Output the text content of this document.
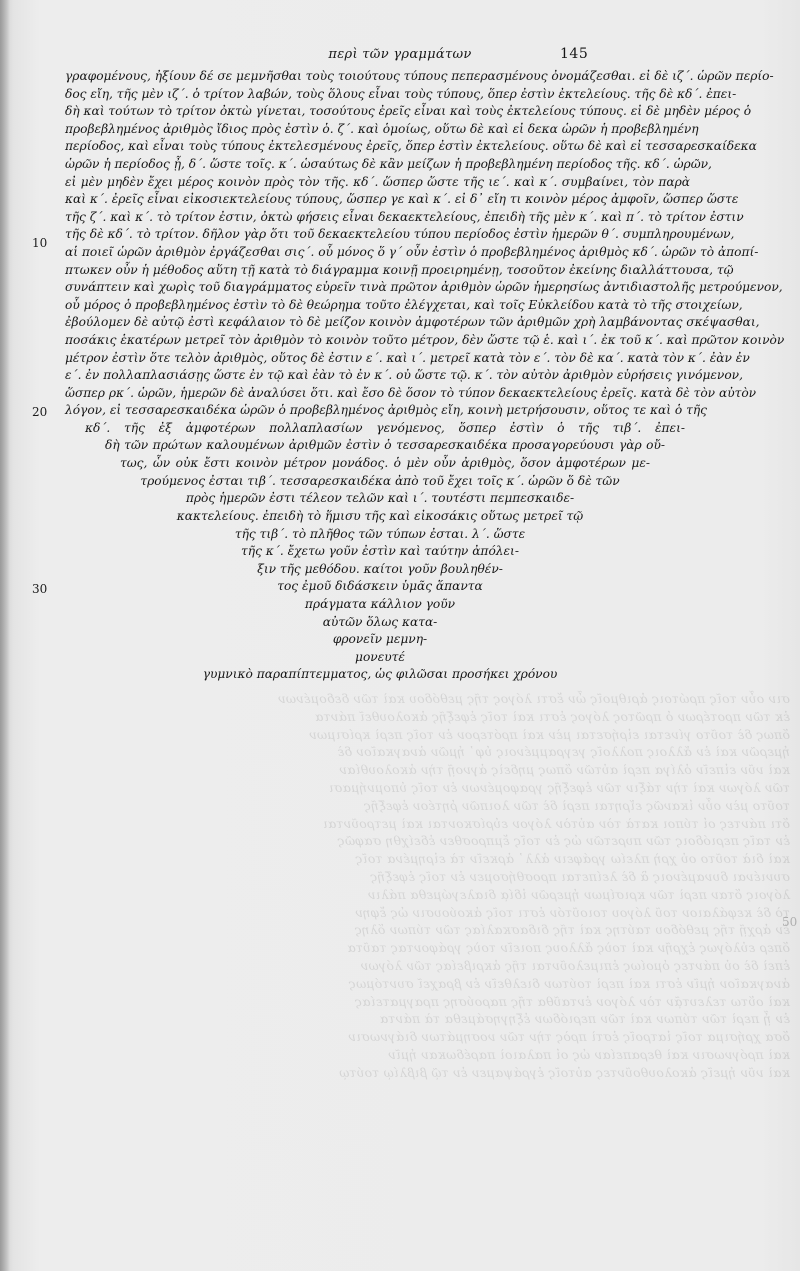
σιν οὖν τοῖς πρώτοις ἀριθμοῖς ὧν ἔστι λόγος τῆς μεθόδου καὶ τῶν δεδομένων
ἐκ τῶν προτέρων ὁ πρῶτος λόγος ἐστι καὶ τοῖς ἐφεξῆς ἀκολουθεῖ πάντα
ὅπως δὲ τοῦτο γίνεται εἰρήσεται μὲν καὶ πρότερον ἐν τοῖς περὶ κρίσιμων
ἡμερῶν καὶ ἐν ἄλλοις πολλοῖς γεγραμμένοις ὑφ᾽ ἡμῶν ἀναγκαῖον δὲ
καὶ νῦν εἰπεῖν ὀλίγα περὶ αὐτῶν ὅπως μηδεὶς ἀγνοῇ τὴν ἀκολουθίαν
τῶν λόγων καὶ τὴν τάξιν τῶν ἐφεξῆς γραφομένων ἐν τοῖς ὑπομνήμασι
τοῦτο μὲν οὖν ἱκανῶς εἴρηται περὶ δὲ τῶν λοιπῶν ῥητέον ἐφεξῆς
ὅτι πάντες οἱ τύποι κατὰ τὸν αὐτὸν λόγον εὑρίσκονται καὶ μετροῦνται
ἐν ταῖς περιόδοις τῶν πυρετῶν ὡς ἐν τοῖς ἔμπροσθεν ἐδείχθη σαφῶς
καὶ διὰ τοῦτο οὐ χρὴ πλείω γράφειν ἀλλ᾽ ἀρκεῖν τὰ εἰρημένα τοῖς
συνιέναι δυναμένοις ἃ δὲ λείπεται προσθήσομεν ἐν τοῖς ἐφεξῆς
λόγοις ὅταν περὶ τῶν κρισίμων ἡμερῶν ἰδίᾳ διαλεγώμεθα πάλιν
τὸ δὲ κεφάλαιον τοῦ λόγου τοιοῦτόν ἐστι τοῖς ἀκούουσιν ὡς ἔφην
ἐν ἀρχῇ τῆς μεθόδου ταύτης καὶ τῆς διδασκαλίας τῶν τύπων ὅλης
ὅπερ εὐλόγως ἐχρῆν καὶ τοὺς ἄλλους ποιεῖν τοὺς γράφοντας ταῦτα
ἐπεὶ δὲ οὐ πάντες ὁμοίως ἐπιμελοῦνται τῆς ἀκριβείας τῶν λόγων
ἀναγκαῖον ἡμῖν ἐστι καὶ περὶ τούτων διελθεῖν ἐν βραχεῖ συντόμως
καὶ οὕτω τελευτᾷν τὸν λόγον ἐνταῦθα τῆς παρούσης πραγματείας
ἐν ᾗ περὶ τῶν τύπων καὶ τῶν περιόδων ἐξηγησάμεθα τὰ πάντα
ὅσα χρήσιμα τοῖς ἰατροῖς ἐστὶ πρὸς τὴν τῶν νοσημάτων διάγνωσιν
καὶ πρόγνωσιν καὶ θεραπείαν ὡς οἱ παλαιοὶ παρέδωκαν ἡμῖν
καὶ νῦν ἡμεῖς ἀκολουθοῦντες αὐτοῖς ἐγράψαμεν ἐν τῷ βιβλίῳ τούτῳ
50
περὶ τῶν γραμμάτων	145
γραφομένους, ἠξίουν δέ σε μεμνῆσθαι τοὺς τοιούτους τύπους πεπερασμένους ὀνομάζεσθαι. εἰ δὲ ιζ΄. ὡρῶν περίο-
δος εἴη, τῆς μὲν ιζ΄. ὁ τρίτον λαβών, τοὺς ὅλους εἶναι τοὺς τύπους, ὅπερ ἐστὶν ἐκτελείους. τῆς δὲ κδ΄. ἐπει-
δὴ καὶ τούτων τὸ τρίτον ὀκτὼ γίνεται, τοσούτους ἐρεῖς εἶναι καὶ τοὺς ἐκτελείους τύπους. εἰ δὲ μηδὲν μέρος ὁ
προβεβλημένος ἀριθμὸς ἴδιος πρὸς ἐστὶν ὁ. ζ΄. καὶ ὁμοίως, οὕτω δὲ καὶ εἰ δεκα ὡρῶν ἡ προβεβλημένη
περίοδος, καὶ εἶναι τοὺς τύπους ἐκτελεσμένους ἐρεῖς, ὅπερ ἐστὶν ἐκτελείους. οὕτω δὲ καὶ εἰ τεσσαρεσκαίδεκα
ὡρῶν ἡ περίοδος ᾖ, δ΄. ὥστε τοῖς. κ΄. ὡσαύτως δὲ κἂν μείζων ἡ προβεβλημένη περίοδος τῆς. κδ΄. ὡρῶν,
εἰ μὲν μηδὲν ἔχει μέρος κοινὸν πρὸς τὸν τῆς. κδ΄. ὥσπερ ὥστε τῆς ιε΄. καὶ κ΄. συμβαίνει, τὸν παρὰ
καὶ κ΄. ἐρεῖς εἶναι εἰκοσιεκτελείους τύπους, ὥσπερ γε καὶ κ΄. εἰ δ᾽ εἴη τι κοινὸν μέρος ἀμφοῖν, ὥσπερ ὥστε
τῆς ζ΄. καὶ κ΄. τὸ τρίτον ἐστιν, ὀκτὼ φήσεις εἶναι δεκαεκτελείους, ἐπειδὴ τῆς μὲν κ΄. καὶ π΄. τὸ τρίτον ἐστιν
τῆς δὲ κδ΄. τὸ τρίτον. δῆλον γὰρ ὅτι τοῦ δεκαεκτελείου τύπου περίοδος ἐστὶν ἡμερῶν θ΄. συμπληρουμένων,
αἱ ποιεῖ ὡρῶν ἀριθμὸν ἐργάζεσθαι σις΄. οὗ μόνος ὅ γ΄ οὖν ἐστὶν ὁ προβεβλημένος ἀριθμὸς κδ΄. ὡρῶν τὸ ἀποπί-
πτωκεν οὖν ἡ μέθοδος αὕτη τῇ κατὰ τὸ διάγραμμα κοινῇ προειρημένῃ, τοσοῦτον ἐκείνης διαλλάττουσα, τῷ
συνάπτειν καὶ χωρὶς τοῦ διαγράμματος εὑρεῖν τινὰ πρῶτον ἀριθμὸν ὡρῶν ἡμερησίως ἀντιδιαστολῆς μετρούμενον,
οὗ μόρος ὁ προβεβλημένος ἐστὶν τὸ δὲ θεώρημα τοῦτο ἐλέγχεται, καὶ τοῖς Εὐκλείδου κατὰ τὸ τῆς στοιχείων,
ἐβούλομεν δὲ αὐτῷ ἐστὶ κεφάλαιον τὸ δὲ μείζον κοινὸν ἀμφοτέρων τῶν ἀριθμῶν χρὴ λαμβάνοντας σκέψασθαι,
ποσάκις ἑκατέρων μετρεῖ τὸν ἀριθμὸν τὸ κοινὸν τοῦτο μέτρον, δὲν ὥστε τῷ ἑ. καὶ ι΄. ἐκ τοῦ κ΄. καὶ πρῶτον κοινὸν
μέτρον ἐστὶν ὅτε τελὸν ἀριθμὸς, οὕτος δὲ ἐστιν ε΄. καὶ ι΄. μετρεῖ κατὰ τὸν ε΄. τὸν δὲ κα΄. κατὰ τὸν κ΄. ἐὰν ἐν
ε΄. ἐν πολλαπλασιάσῃς ὥστε ἐν τῷ καὶ ἐὰν τὸ ἐν κ΄. οὐ ὥστε τῷ. κ΄. τὸν αὐτὸν ἀριθμὸν εὑρήσεις γινόμενον,
ὥσπερ ρκ΄. ὡρῶν, ἡμερῶν δὲ ἀναλύσει ὅτι. καὶ ἔσο δὲ ὅσον τὸ τύπον δεκαεκτελείους ἐρεῖς. κατὰ δὲ τὸν αὐτὸν
λόγον, εἰ τεσσαρεσκαιδέκα ὡρῶν ὁ προβεβλημένος ἀριθμὸς εἴη, κοινὴ μετρήσουσιν, οὕτος τε καὶ ὁ τῆς
κδ΄. τῆς ἐξ ἀμφοτέρων πολλαπλασίων γενόμενος, ὅσπερ ἐστὶν ὁ τῆς τιβ΄. ἐπει-
δὴ τῶν πρώτων καλουμένων ἀριθμῶν ἐστὶν ὁ τεσσαρεσκαιδέκα προσαγορεύουσι γὰρ οὔ-
τως, ὧν οὐκ ἔστι κοινὸν μέτρον μονάδος. ὁ μὲν οὖν ἀριθμὸς, ὅσον ἀμφοτέρων με-
10
20
30
τρούμενος ἐσται τιβ΄. τεσσαρεσκαιδέκα ἀπὸ τοῦ ἔχει τοῖς κ΄. ὡρῶν ὅ δὲ τῶν
πρὸς ἡμερῶν ἐστι τέλεον τελῶν καὶ ι΄. τουτέστι πεμπεσκαιδε-
κακτελείους. ἐπειδὴ τὸ ἥμισυ τῆς καὶ εἰκοσάκις οὕτως μετρεῖ τῷ
τῆς τιβ΄. τὸ πλῆθος τῶν τύπων ἐσται. λ΄. ὥστε
τῆς κ΄. ἔχετω γοῦν ἐστὶν καὶ ταύτην ἀπόλει-
ξιν τῆς μεθόδου. καίτοι γοῦν βουληθέν-
τος ἐμοῦ διδάσκειν ὑμᾶς ἅπαντα
πράγματα κάλλιον γοῦν
αὐτῶν ὅλως κατα-
φρονεῖν μεμνη-
μονευτέ
γυμνικὸ παραπίπτεμματος, ὡς φιλῶσαι προσήκει χρόνου
